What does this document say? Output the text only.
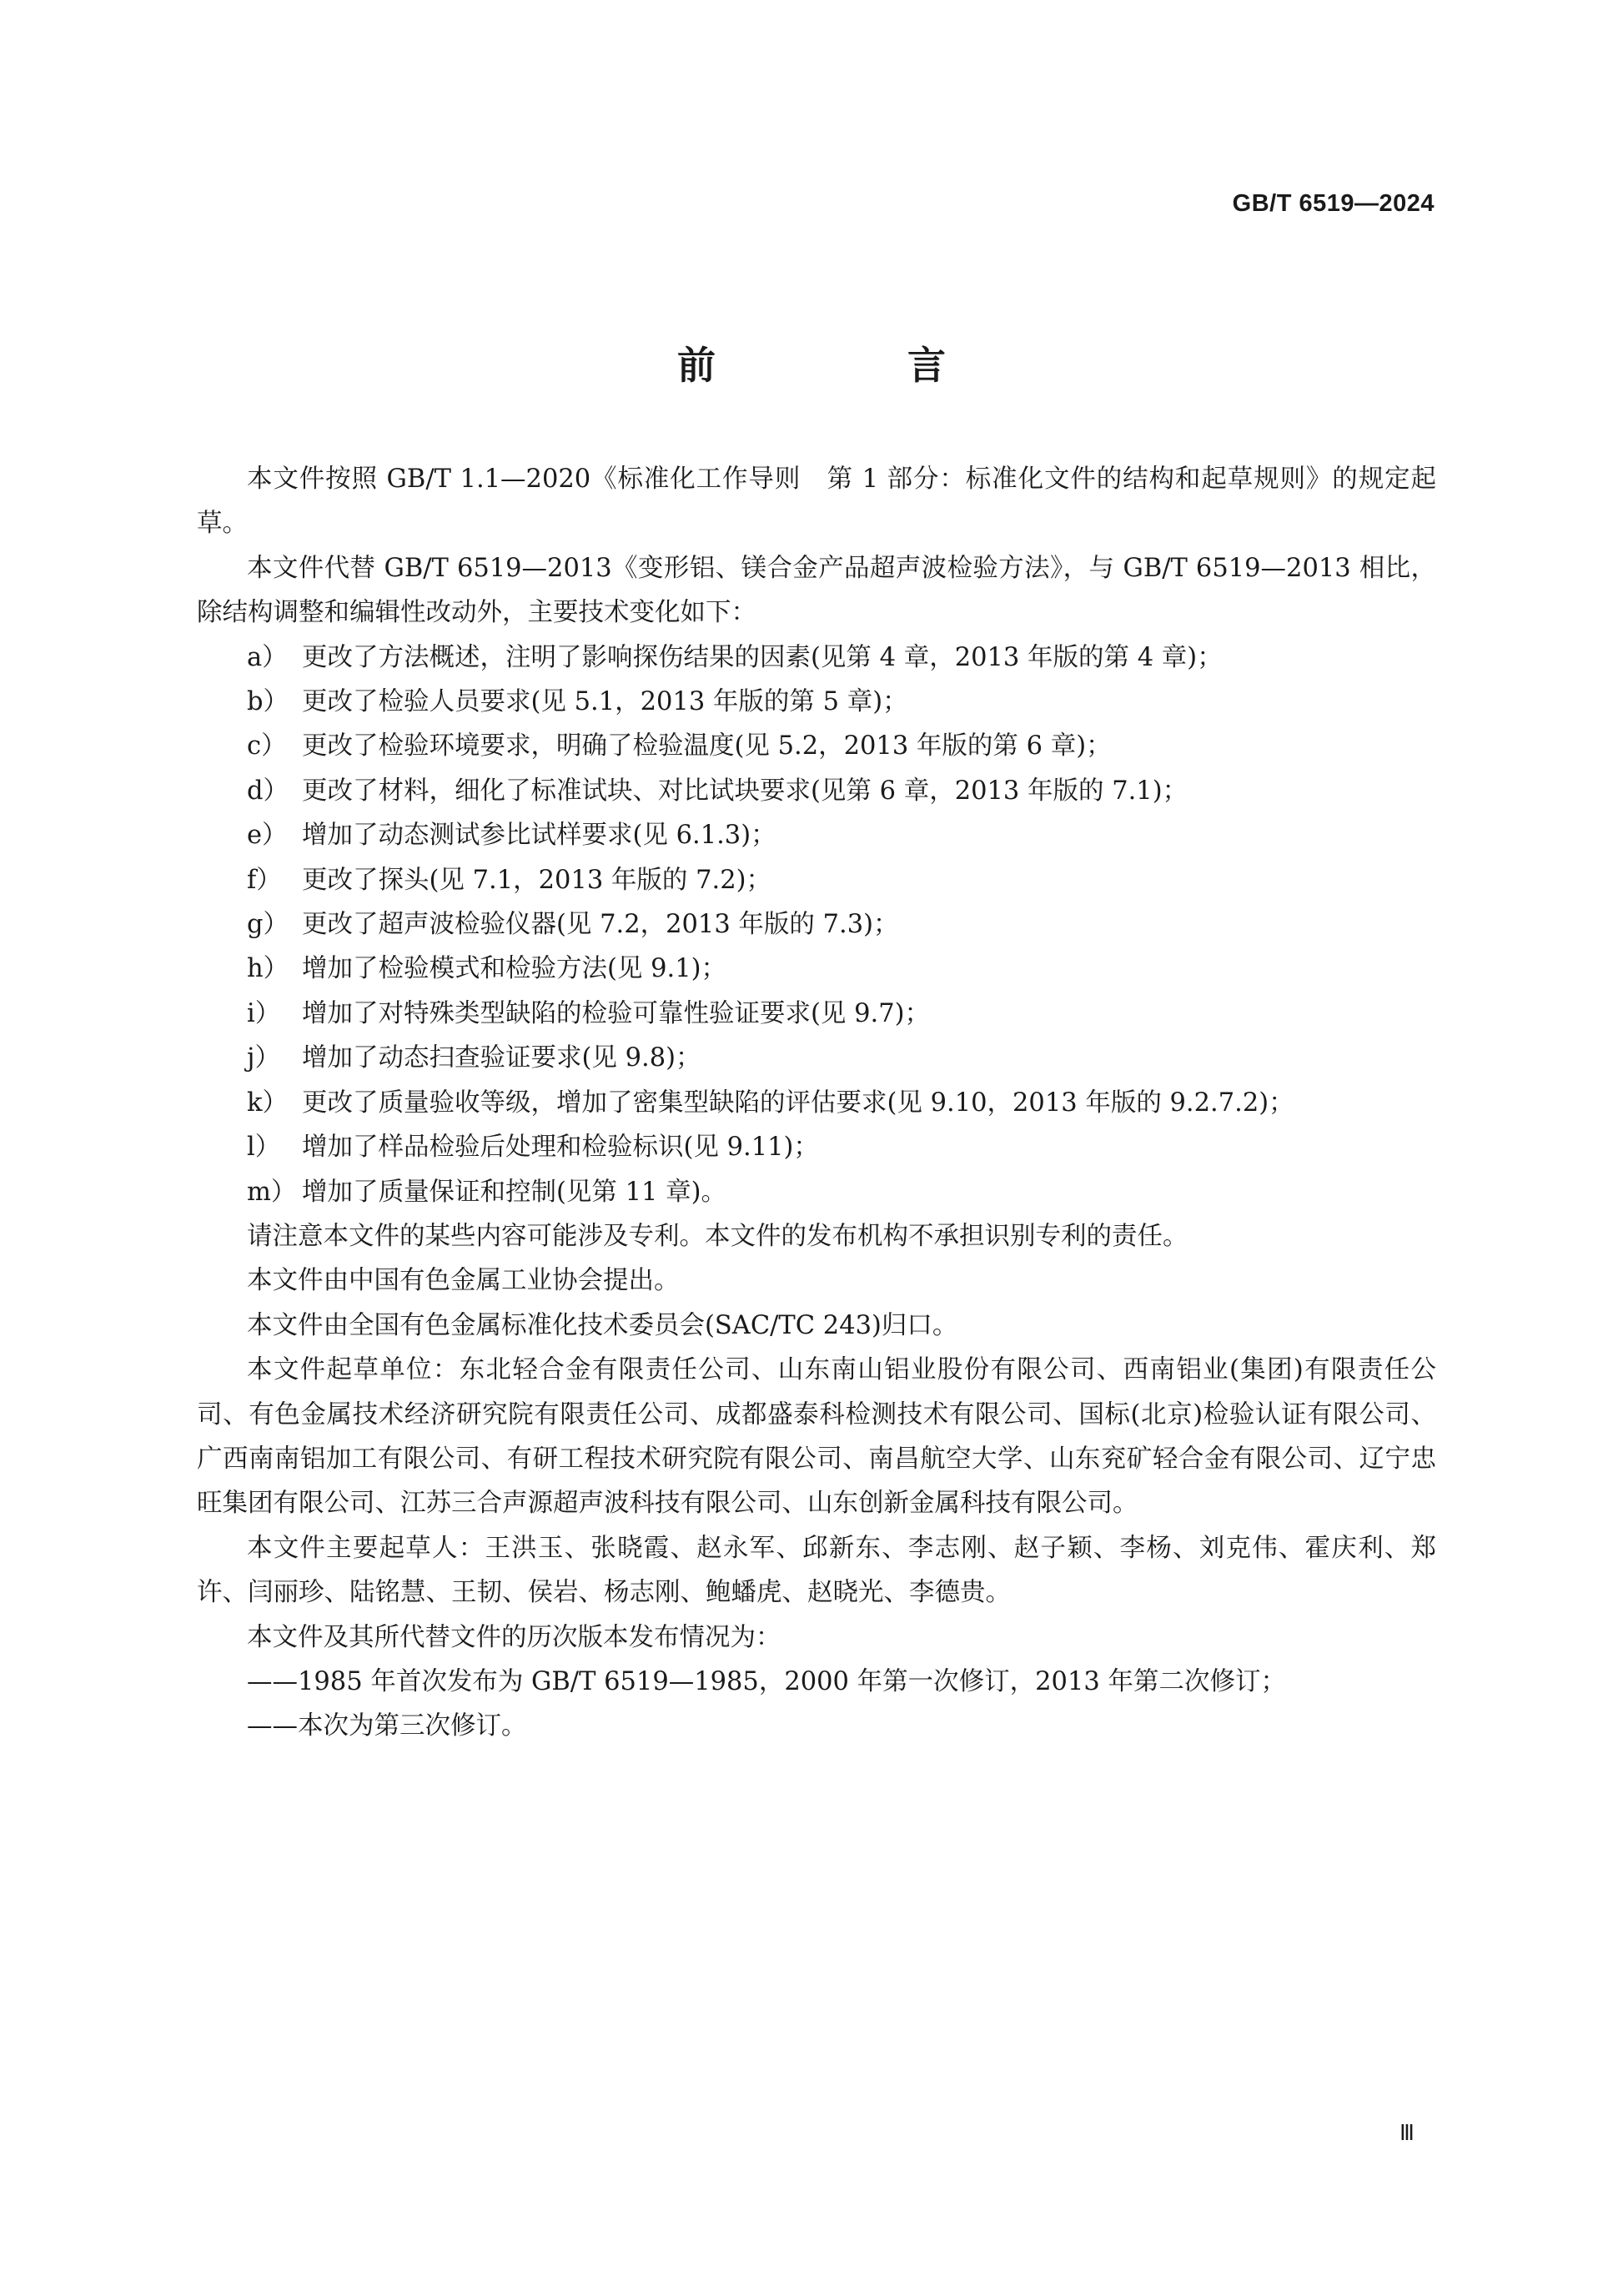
GB/T 6519—2024
前　言

本文件按照 GB/T 1.1—2020《标准化工作导则　第 1 部分：标准化文件的结构和起草规则》的规定起草。

本文件代替 GB/T 6519—2013《变形铝、镁合金产品超声波检验方法》，与 GB/T 6519—2013 相比，除结构调整和编辑性改动外，主要技术变化如下：

a） 更改了方法概述，注明了影响探伤结果的因素(见第 4 章，2013 年版的第 4 章)；

b） 更改了检验人员要求(见 5.1，2013 年版的第 5 章)；

c） 更改了检验环境要求，明确了检验温度(见 5.2，2013 年版的第 6 章)；

d） 更改了材料，细化了标准试块、对比试块要求(见第 6 章，2013 年版的 7.1)；

e） 增加了动态测试参比试样要求(见 6.1.3)；

f） 更改了探头(见 7.1，2013 年版的 7.2)；

g） 更改了超声波检验仪器(见 7.2，2013 年版的 7.3)；

h） 增加了检验模式和检验方法(见 9.1)；

i） 增加了对特殊类型缺陷的检验可靠性验证要求(见 9.7)；

j） 增加了动态扫查验证要求(见 9.8)；

k） 更改了质量验收等级，增加了密集型缺陷的评估要求(见 9.10，2013 年版的 9.2.7.2)；

l） 增加了样品检验后处理和检验标识(见 9.11)；

m） 增加了质量保证和控制(见第 11 章)。

请注意本文件的某些内容可能涉及专利。本文件的发布机构不承担识别专利的责任。

本文件由中国有色金属工业协会提出。

本文件由全国有色金属标准化技术委员会(SAC/TC 243)归口。

本文件起草单位：东北轻合金有限责任公司、山东南山铝业股份有限公司、西南铝业(集团)有限责任公司、有色金属技术经济研究院有限责任公司、成都盛泰科检测技术有限公司、国标(北京)检验认证有限公司、广西南南铝加工有限公司、有研工程技术研究院有限公司、南昌航空大学、山东兖矿轻合金有限公司、辽宁忠旺集团有限公司、江苏三合声源超声波科技有限公司、山东创新金属科技有限公司。

本文件主要起草人：王洪玉、张晓霞、赵永军、邱新东、李志刚、赵子颖、李杨、刘克伟、霍庆利、郑许、闫丽珍、陆铭慧、王韧、侯岩、杨志刚、鲍蟠虎、赵晓光、李德贵。

本文件及其所代替文件的历次版本发布情况为：

——1985 年首次发布为 GB/T 6519—1985，2000 年第一次修订，2013 年第二次修订；

——本次为第三次修订。

Ⅲ
